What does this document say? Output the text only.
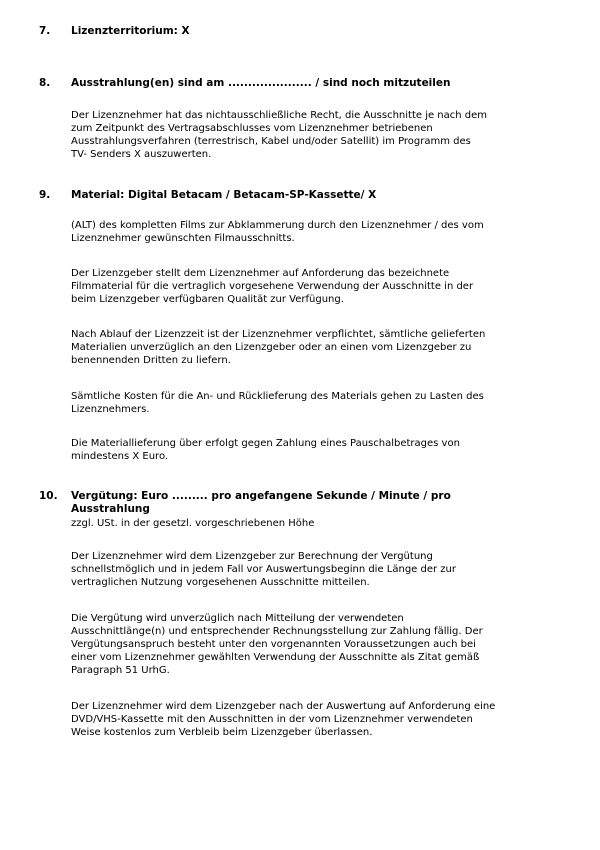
7. Lizenzterritorium: X
8. Ausstrahlung(en) sind am ..................... / sind noch mitzuteilen
Der Lizenznehmer hat das nichtausschließliche Recht, die Ausschnitte je nach dem
zum Zeitpunkt des Vertragsabschlusses vom Lizenznehmer betriebenen
Ausstrahlungsverfahren (terrestrisch, Kabel und/oder Satellit) im Programm des
TV- Senders X auszuwerten.
9. Material: Digital Betacam / Betacam-SP-Kassette/ X
(ALT) des kompletten Films zur Abklammerung durch den Lizenznehmer / des vom
Lizenznehmer gewünschten Filmausschnitts.
Der Lizenzgeber stellt dem Lizenznehmer auf Anforderung das bezeichnete
Filmmaterial für die vertraglich vorgesehene Verwendung der Ausschnitte in der
beim Lizenzgeber verfügbaren Qualität zur Verfügung.
Nach Ablauf der Lizenzzeit ist der Lizenznehmer verpflichtet, sämtliche gelieferten
Materialien unverzüglich an den Lizenzgeber oder an einen vom Lizenzgeber zu
benennenden Dritten zu liefern.
Sämtliche Kosten für die An- und Rücklieferung des Materials gehen zu Lasten des
Lizenznehmers.
Die Materiallieferung über erfolgt gegen Zahlung eines Pauschalbetrages von
mindestens X Euro.
10. Vergütung: Euro ......... pro angefangene Sekunde / Minute / pro Ausstrahlung
zzgl. USt. in der gesetzl. vorgeschriebenen Höhe
Der Lizenznehmer wird dem Lizenzgeber zur Berechnung der Vergütung
schnellstmöglich und in jedem Fall vor Auswertungsbeginn die Länge der zur
vertraglichen Nutzung vorgesehenen Ausschnitte mitteilen.
Die Vergütung wird unverzüglich nach Mitteilung der verwendeten
Ausschnittlänge(n) und entsprechender Rechnungsstellung zur Zahlung fällig. Der
Vergütungsanspruch besteht unter den vorgenannten Voraussetzungen auch bei
einer vom Lizenznehmer gewählten Verwendung der Ausschnitte als Zitat gemäß
Paragraph 51 UrhG.
Der Lizenznehmer wird dem Lizenzgeber nach der Auswertung auf Anforderung eine
DVD/VHS-Kassette mit den Ausschnitten in der vom Lizenznehmer verwendeten
Weise kostenlos zum Verbleib beim Lizenzgeber überlassen.
